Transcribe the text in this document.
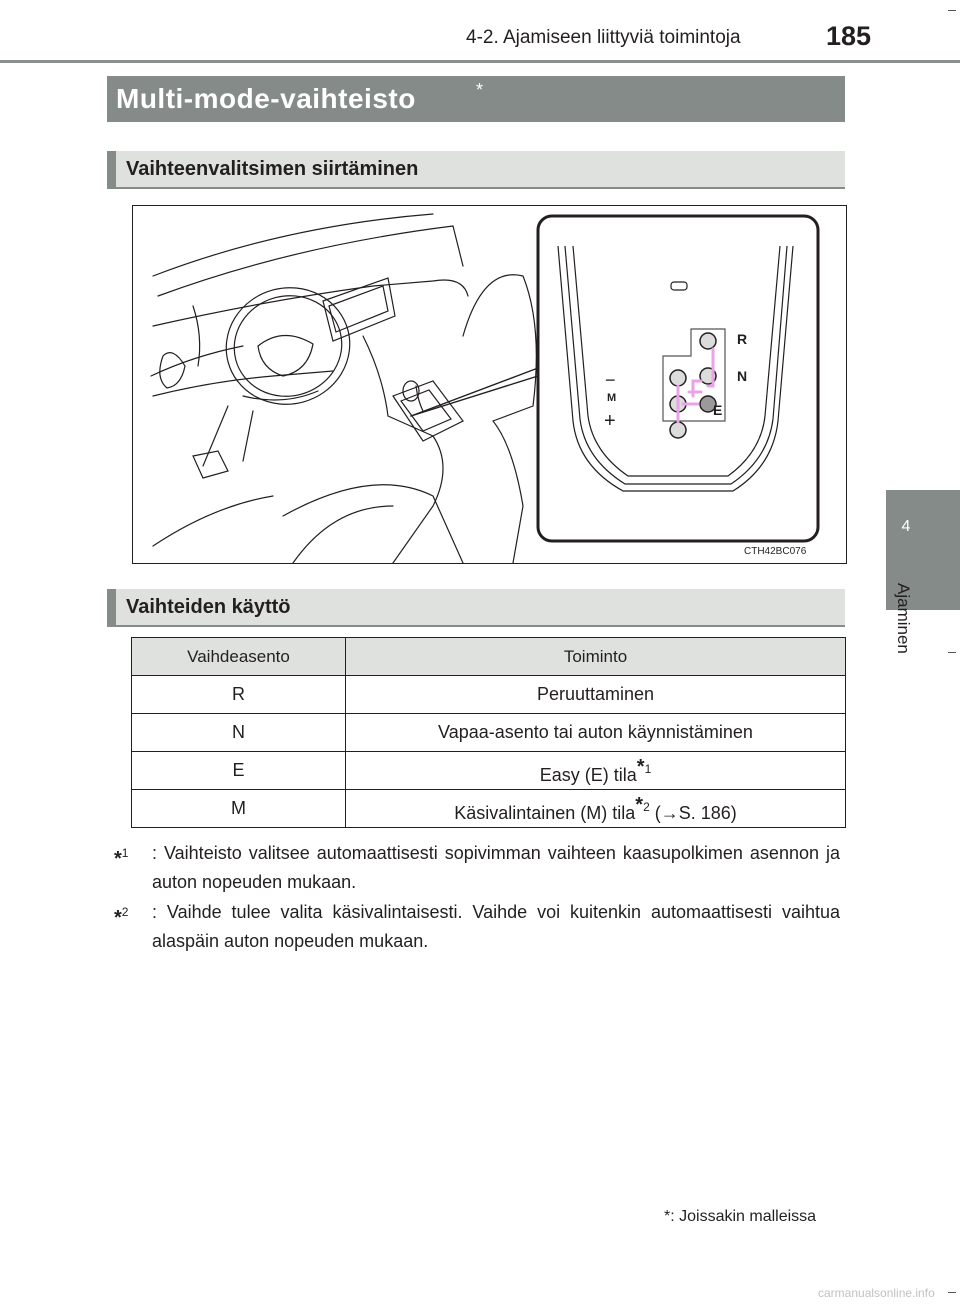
4-2. Ajamiseen liittyviä toimintoja	185
4
Ajaminen
Multi-mode-vaihteisto	*
Vaihteenvalitsimen siirtäminen
R
N
E
−
M
+
CTH42BC076
Vaihteiden käyttö
Vaihdeasento	Toiminto
R	Peruuttaminen
N	Vapaa-asento tai auton käynnistäminen
E	Easy (E) tila$^{*1}$
M	Käsivalintainen (M) tila$^{*2}$ (→S. 186)
*$^1$	: Vaihteisto valitsee automaattisesti sopivimman vaihteen kaasupolkimen asennon ja auton nopeuden mukaan.
*$^2$	: Vaihde tulee valita käsivalintaisesti. Vaihde voi kuitenkin automaattisesti vaihtua alaspäin auton nopeuden mukaan.
*: Joissakin malleissa
carmanualsonline.info
